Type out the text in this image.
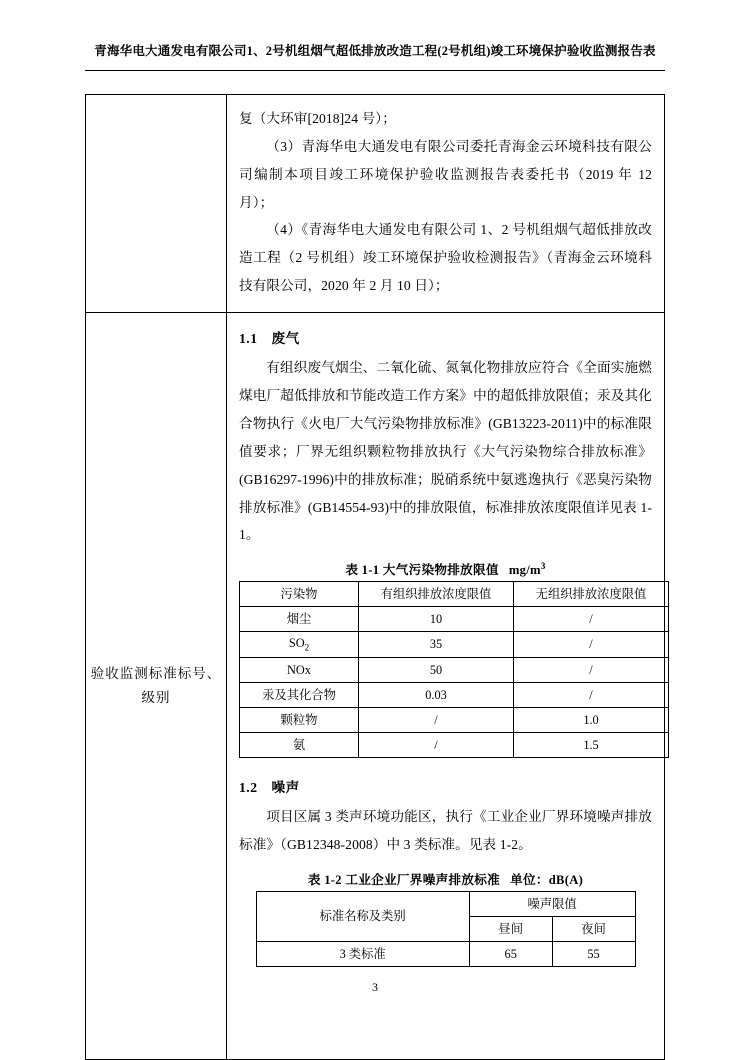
青海华电大通发电有限公司1、2号机组烟气超低排放改造工程(2号机组)竣工环境保护验收监测报告表

复（大环审[2018]24 号）；
（3）青海华电大通发电有限公司委托青海金云环境科技有限公司编制本项目竣工环境保护验收监测报告表委托书（2019 年 12 月）；
（4）《青海华电大通发电有限公司 1、2 号机组烟气超低排放改造工程（2 号机组）竣工环境保护验收检测报告》（青海金云环境科技有限公司，2020 年 2 月 10 日）；

验收监测标准标号、级别	
1.1 废气
有组织废气烟尘、二氧化硫、氮氧化物排放应符合《全面实施燃煤电厂超低排放和节能改造工作方案》中的超低排放限值；汞及其化合物执行《火电厂大气污染物排放标准》(GB13223-2011)中的标准限值要求；厂界无组织颗粒物排放执行《大气污染物综合排放标准》(GB16297-1996)中的排放标准；脱硝系统中氨逃逸执行《恶臭污染物排放标准》(GB14554-93)中的排放限值，标准排放浓度限值详见表 1-1。
表 1-1 大气污染物排放限值 $mg/m^3$
污染物	有组织排放浓度限值	无组织排放浓度限值
烟尘	10	/
$SO_2$	35	/
NOx	50	/
汞及其化合物	0.03	/
颗粒物	/	1.0
氨	/	1.5
1.2 噪声
项目区属 3 类声环境功能区，执行《工业企业厂界环境噪声排放标准》（GB12348-2008）中 3 类标准。见表 1-2。
表 1-2 工业企业厂界噪声排放标准 单位：dB(A)
标准名称及类别	噪声限值
昼间	夜间
3 类标准	65	55
3
